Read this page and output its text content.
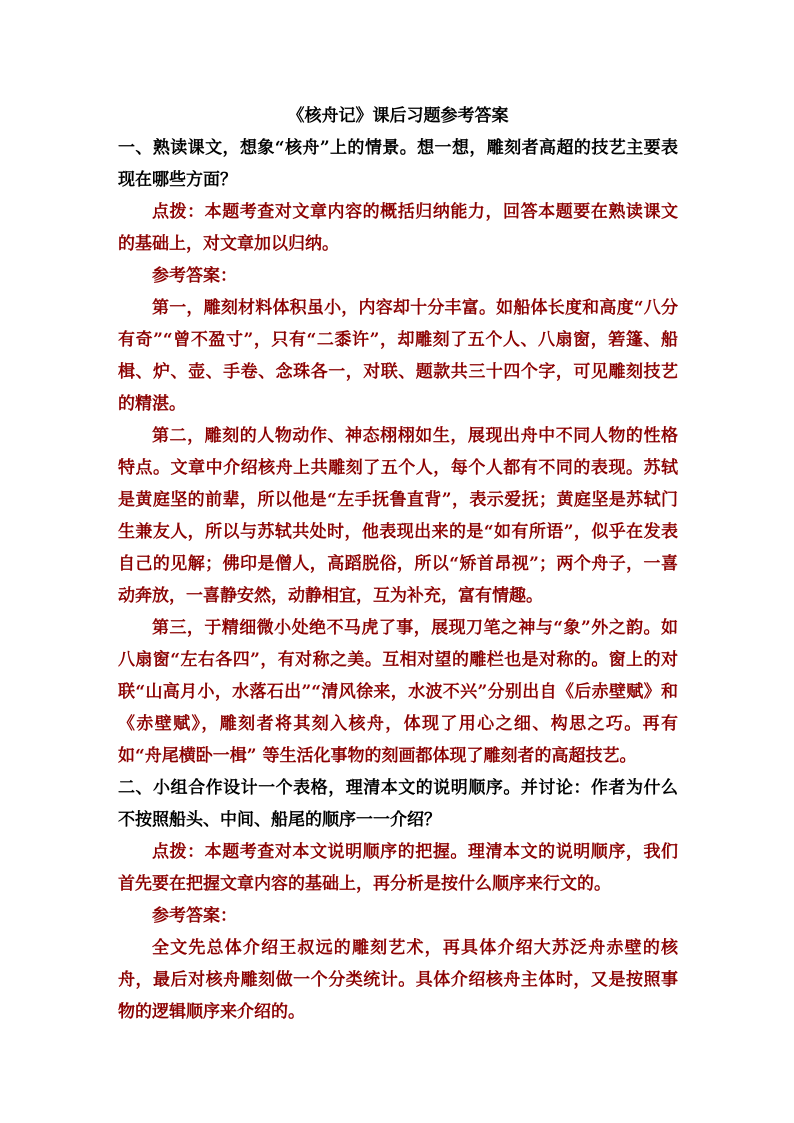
《核舟记》课后习题参考答案
一、熟读课文，想象“核舟”上的情景。想一想，雕刻者高超的技艺主要表现在哪些方面？
点拨：本题考查对文章内容的概括归纳能力，回答本题要在熟读课文的基础上，对文章加以归纳。
参考答案：
第一，雕刻材料体积虽小，内容却十分丰富。如船体长度和高度“八分有奇”“曾不盈寸”，只有“二黍许”，却雕刻了五个人、八扇窗，箬篷、船楫、炉、壶、手卷、念珠各一，对联、题款共三十四个字，可见雕刻技艺的精湛。
第二，雕刻的人物动作、神态栩栩如生，展现出舟中不同人物的性格特点。文章中介绍核舟上共雕刻了五个人，每个人都有不同的表现。苏轼是黄庭坚的前辈，所以他是“左手抚鲁直背”，表示爱抚；黄庭坚是苏轼门生兼友人，所以与苏轼共处时，他表现出来的是“如有所语”，似乎在发表自己的见解；佛印是僧人，高蹈脱俗，所以“矫首昂视”；两个舟子，一喜动奔放，一喜静安然，动静相宜，互为补充，富有情趣。
第三，于精细微小处绝不马虎了事，展现刀笔之神与“象”外之韵。如八扇窗“左右各四”，有对称之美。互相对望的雕栏也是对称的。窗上的对联“山高月小，水落石出”“清风徐来，水波不兴”分别出自《后赤壁赋》和《赤壁赋》，雕刻者将其刻入核舟，体现了用心之细、构思之巧。再有如“舟尾横卧一楫” 等生活化事物的刻画都体现了雕刻者的高超技艺。
二、小组合作设计一个表格，理清本文的说明顺序。并讨论：作者为什么不按照船头、中间、船尾的顺序一一介绍？
点拨：本题考查对本文说明顺序的把握。理清本文的说明顺序，我们首先要在把握文章内容的基础上，再分析是按什么顺序来行文的。
参考答案：
全文先总体介绍王叔远的雕刻艺术，再具体介绍大苏泛舟赤壁的核舟，最后对核舟雕刻做一个分类统计。具体介绍核舟主体时，又是按照事物的逻辑顺序来介绍的。
